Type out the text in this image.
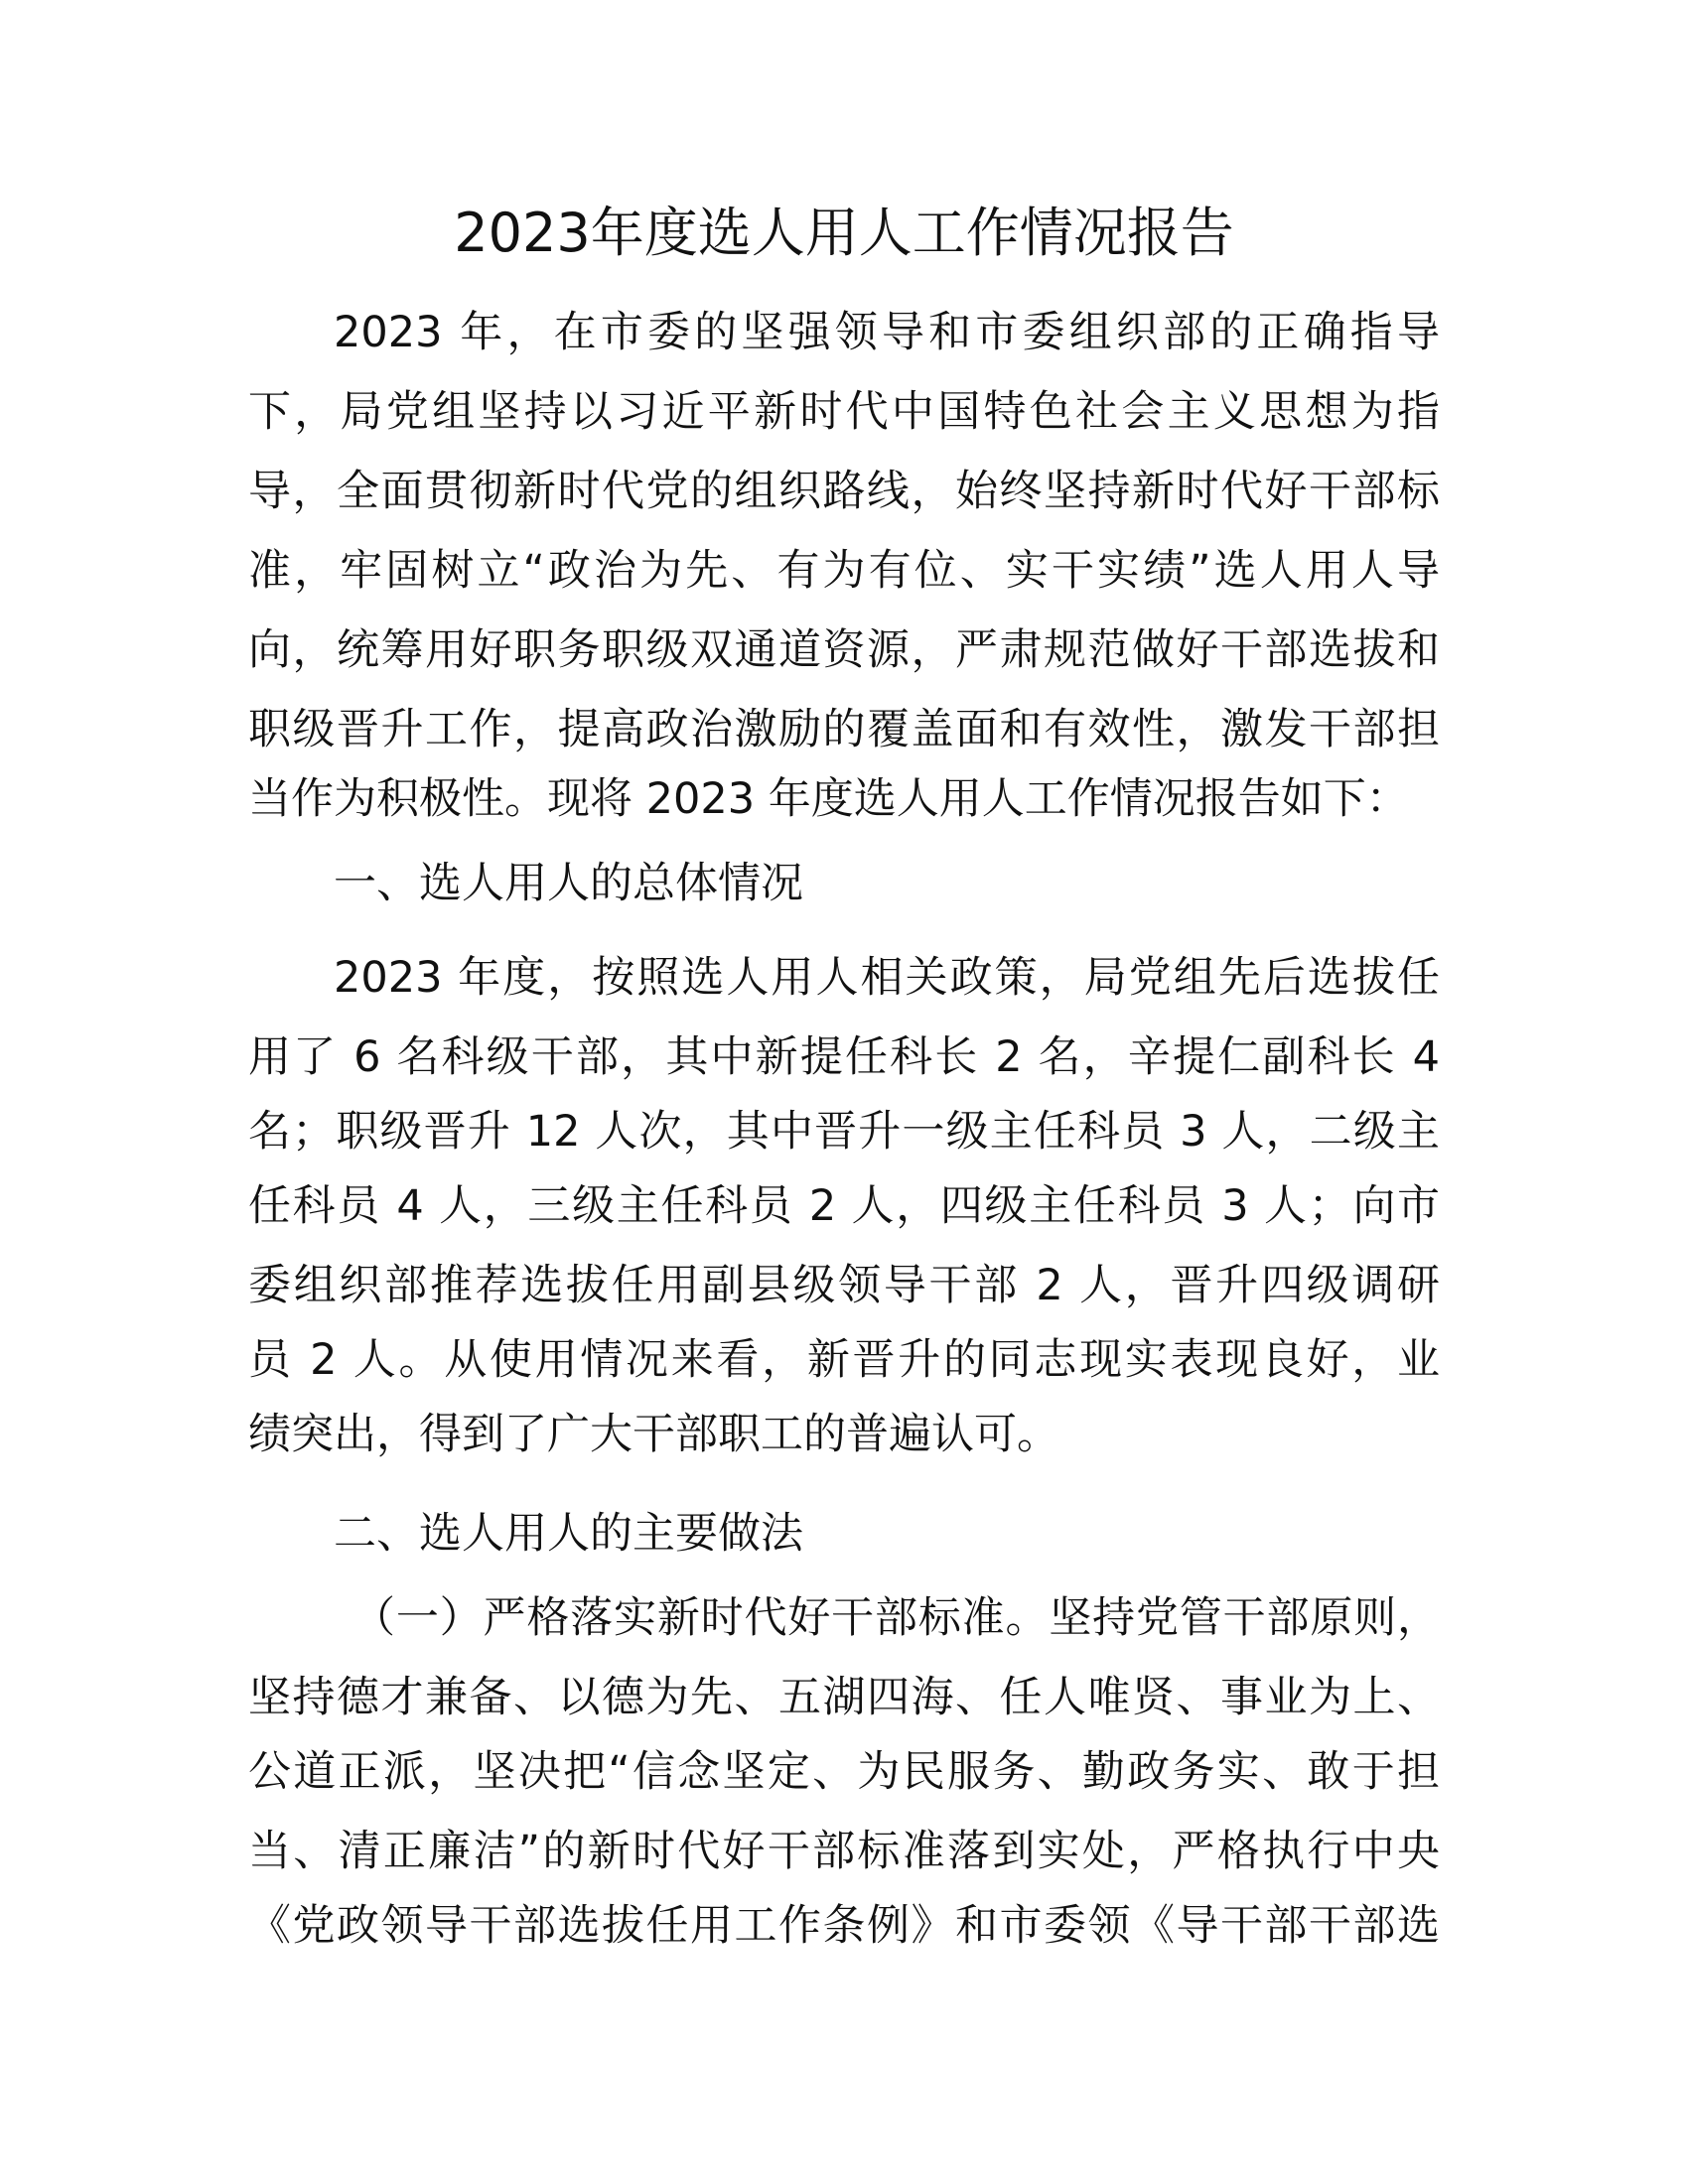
2023年度选人用人工作情况报告
2023 年，在市委的坚强领导和市委组织部的正确指导
下，局党组坚持以习近平新时代中国特色社会主义思想为指
导，全面贯彻新时代党的组织路线，始终坚持新时代好干部标
准，牢固树立“政治为先、有为有位、实干实绩”选人用人导
向，统筹用好职务职级双通道资源，严肃规范做好干部选拔和
职级晋升工作，提高政治激励的覆盖面和有效性，激发干部担
当作为积极性。现将 2023 年度选人用人工作情况报告如下：
一、选人用人的总体情况
2023 年度，按照选人用人相关政策，局党组先后选拔任
用了 6 名科级干部，其中新提任科长 2 名，辛提仁副科长 4
名；职级晋升 12 人次，其中晋升一级主任科员 3 人，二级主
任科员 4 人，三级主任科员 2 人，四级主任科员 3 人；向市
委组织部推荐选拔任用副县级领导干部 2 人，晋升四级调研
员 2 人。从使用情况来看，新晋升的同志现实表现良好，业
绩突出，得到了广大干部职工的普遍认可。
二、选人用人的主要做法
（一）严格落实新时代好干部标准。坚持党管干部原则，
坚持德才兼备、以德为先、五湖四海、任人唯贤、事业为上、
公道正派，坚决把“信念坚定、为民服务、勤政务实、敢于担
当、清正廉洁”的新时代好干部标准落到实处，严格执行中央
《党政领导干部选拔任用工作条例》和市委领《导干部干部选
